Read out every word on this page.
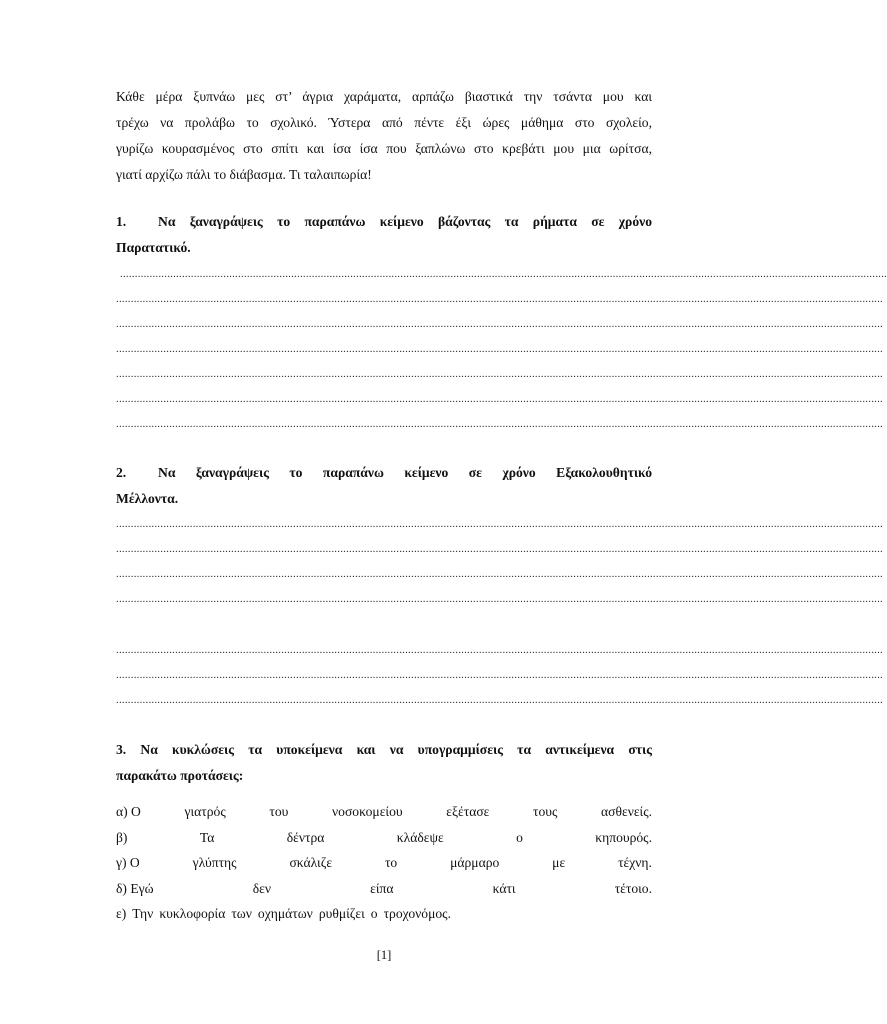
Κάθε μέρα ξυπνάω μες στ’ άγρια χαράματα, αρπάζω βιαστικά την τσάντα μου και
τρέχω να προλάβω το σχολικό. Ύστερα από πέντε έξι ώρες μάθημα στο σχολείο,
γυρίζω κουρασμένος στο σπίτι και ίσα ίσα που ξαπλώνω στο κρεβάτι μου μια ωρίτσα,
γιατί αρχίζω πάλι το διάβασμα. Τι ταλαιπωρία!

1. Να ξαναγράψεις το παραπάνω κείμενο βάζοντας τα ρήματα σε χρόνο
Παρατατικό.
....................................................................................................................................................................................................................................................................
....................................................................................................................................................................................................................................................................
....................................................................................................................................................................................................................................................................
....................................................................................................................................................................................................................................................................
....................................................................................................................................................................................................................................................................
....................................................................................................................................................................................................................................................................
....................................................................................................................................................................................................................................................................
2. Να ξαναγράψεις το παραπάνω κείμενο σε χρόνο Εξακολουθητικό
Μέλλοντα.
....................................................................................................................................................................................................................................................................
....................................................................................................................................................................................................................................................................
....................................................................................................................................................................................................................................................................
....................................................................................................................................................................................................................................................................
....................................................................................................................................................................................................................................................................
....................................................................................................................................................................................................................................................................
....................................................................................................................................................................................................................................................................
3. Να κυκλώσεις τα υποκείμενα και να υπογραμμίσεις τα αντικείμενα στις
παρακάτω προτάσεις:
α) Ο	γιατρός	του	νοσοκομείου	εξέτασε	τους	ασθενείς.
β)	Τα	δέντρα	κλάδεψε	ο	κηπουρός.
γ) Ο	γλύπτης	σκάλιζε	το	μάρμαρο	με	τέχνη.
δ) Εγώ	δεν	είπα	κάτι	τέτοιο.
ε) Την κυκλοφορία των οχημάτων ρυθμίζει ο τροχονόμος.
[1]
